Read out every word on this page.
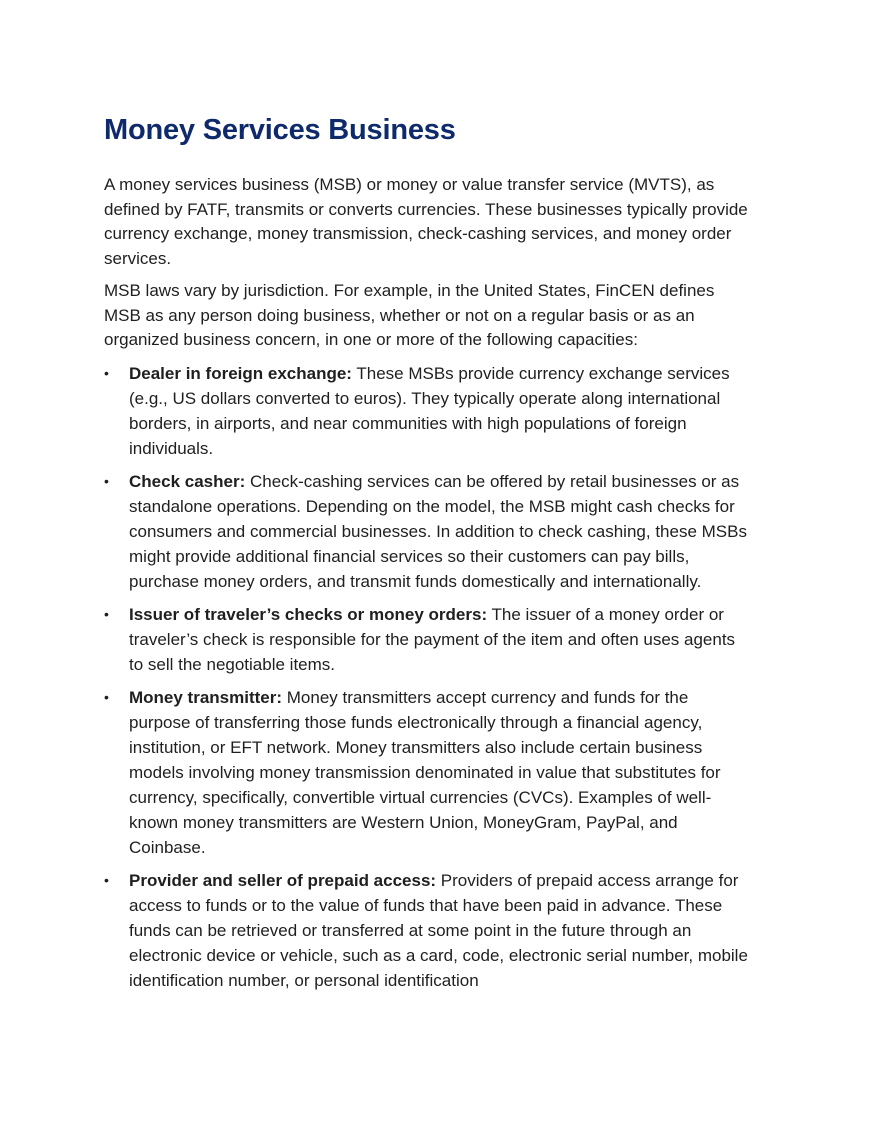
Money Services Business

A money services business (MSB) or money or value transfer service (MVTS), as defined by FATF, transmits or converts currencies. These businesses typically provide currency exchange, money transmission, check-cashing services, and money order services.

MSB laws vary by jurisdiction. For example, in the United States, FinCEN defines MSB as any person doing business, whether or not on a regular basis or as an organized business concern, in one or more of the following capacities:

• Dealer in foreign exchange: These MSBs provide currency exchange services (e.g., US dollars converted to euros). They typically operate along international borders, in airports, and near communities with high populations of foreign individuals.
• Check casher: Check-cashing services can be offered by retail businesses or as standalone operations. Depending on the model, the MSB might cash checks for consumers and commercial businesses. In addition to check cashing, these MSBs might provide additional financial services so their customers can pay bills, purchase money orders, and transmit funds domestically and internationally.
• Issuer of traveler’s checks or money orders: The issuer of a money order or traveler’s check is responsible for the payment of the item and often uses agents to sell the negotiable items.
• Money transmitter: Money transmitters accept currency and funds for the purpose of transferring those funds electronically through a financial agency, institution, or EFT network. Money transmitters also include certain business models involving money transmission denominated in value that substitutes for currency, specifically, convertible virtual currencies (CVCs). Examples of well-known money transmitters are Western Union, MoneyGram, PayPal, and Coinbase.
• Provider and seller of prepaid access: Providers of prepaid access arrange for access to funds or to the value of funds that have been paid in advance. These funds can be retrieved or transferred at some point in the future through an electronic device or vehicle, such as a card, code, electronic serial number, mobile identification number, or personal identification
